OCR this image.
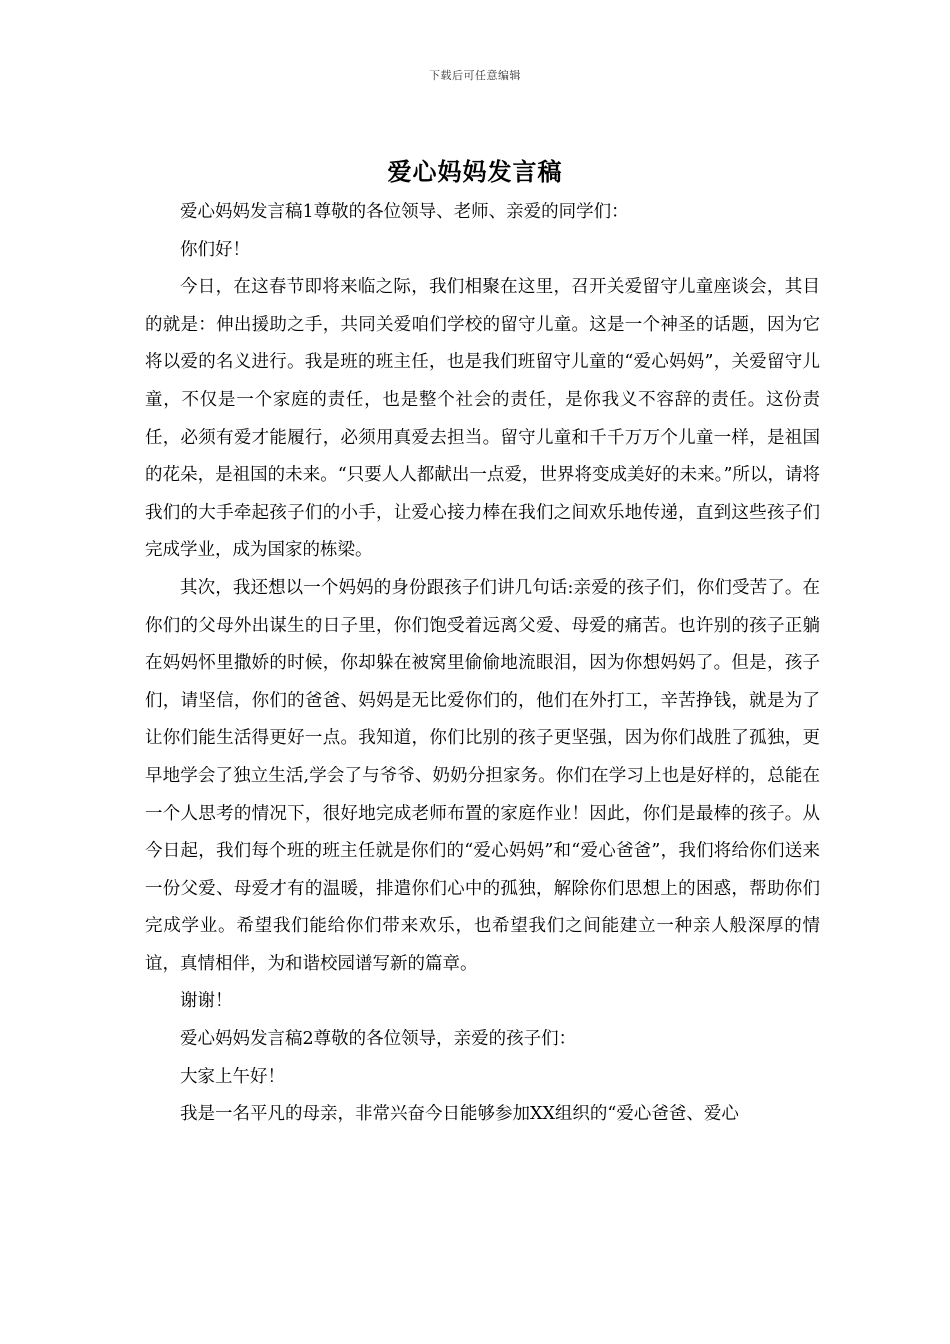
下载后可任意编辑
爱心妈妈发言稿

爱心妈妈发言稿1尊敬的各位领导、老师、亲爱的同学们：

你们好！

今日，在这春节即将来临之际，我们相聚在这里，召开关爱留守儿童座谈会，其目的就是：伸出援助之手，共同关爱咱们学校的留守儿童。这是一个神圣的话题，因为它将以爱的名义进行。我是班的班主任，也是我们班留守儿童的“爱心妈妈”，关爱留守儿童，不仅是一个家庭的责任，也是整个社会的责任，是你我义不容辞的责任。这份责任，必须有爱才能履行，必须用真爱去担当。留守儿童和千千万万个儿童一样，是祖国的花朵，是祖国的未来。“只要人人都献出一点爱，世界将变成美好的未来。”所以，请将我们的大手牵起孩子们的小手，让爱心接力棒在我们之间欢乐地传递，直到这些孩子们完成学业，成为国家的栋梁。

其次，我还想以一个妈妈的身份跟孩子们讲几句话:亲爱的孩子们，你们受苦了。在你们的父母外出谋生的日子里，你们饱受着远离父爱、母爱的痛苦。也许别的孩子正躺在妈妈怀里撒娇的时候，你却躲在被窝里偷偷地流眼泪，因为你想妈妈了。但是，孩子们，请坚信，你们的爸爸、妈妈是无比爱你们的，他们在外打工，辛苦挣钱，就是为了让你们能生活得更好一点。我知道，你们比别的孩子更坚强，因为你们战胜了孤独，更早地学会了独立生活,学会了与爷爷、奶奶分担家务。你们在学习上也是好样的，总能在一个人思考的情况下，很好地完成老师布置的家庭作业！因此，你们是最棒的孩子。从今日起，我们每个班的班主任就是你们的“爱心妈妈”和“爱心爸爸”，我们将给你们送来一份父爱、母爱才有的温暖，排遣你们心中的孤独，解除你们思想上的困惑，帮助你们完成学业。希望我们能给你们带来欢乐，也希望我们之间能建立一种亲人般深厚的情谊，真情相伴，为和谐校园谱写新的篇章。

谢谢！

爱心妈妈发言稿2尊敬的各位领导，亲爱的孩子们：

大家上午好！

我是一名平凡的母亲，非常兴奋今日能够参加XX组织的“爱心爸爸、爱心
